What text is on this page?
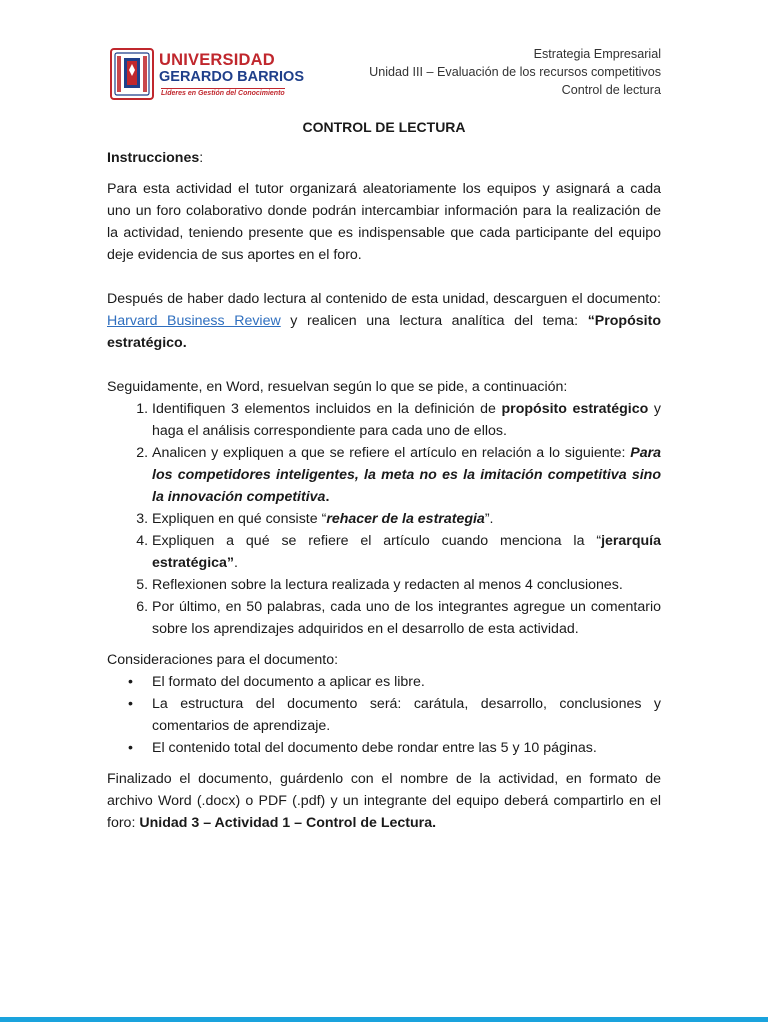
UNIVERSIDAD
GERARDO BARRIOS
Líderes en Gestión del Conocimiento
Estrategia Empresarial
Unidad III – Evaluación de los recursos competitivos
Control de lectura
CONTROL DE LECTURA
Instrucciones:

Para esta actividad el tutor organizará aleatoriamente los equipos y asignará a cada uno un foro colaborativo donde podrán intercambiar información para la realización de la actividad, teniendo presente que es indispensable que cada participante del equipo deje evidencia de sus aportes en el foro.

Después de haber dado lectura al contenido de esta unidad, descarguen el documento: Harvard Business Review y realicen una lectura analítica del tema: “Propósito estratégico.

Seguidamente, en Word, resuelvan según lo que se pide, a continuación:

1. Identifiquen 3 elementos incluidos en la definición de propósito estratégico y haga el análisis correspondiente para cada uno de ellos.
2. Analicen y expliquen a que se refiere el artículo en relación a lo siguiente: Para los competidores inteligentes, la meta no es la imitación competitiva sino la innovación competitiva.
3. Expliquen en qué consiste “rehacer de la estrategia”.
4. Expliquen a qué se refiere el artículo cuando menciona la “jerarquía estratégica”.
5. Reflexionen sobre la lectura realizada y redacten al menos 4 conclusiones.
6. Por último, en 50 palabras, cada uno de los integrantes agregue un comentario sobre los aprendizajes adquiridos en el desarrollo de esta actividad.

Consideraciones para el documento:

• El formato del documento a aplicar es libre.
• La estructura del documento será: carátula, desarrollo, conclusiones y comentarios de aprendizaje.
• El contenido total del documento debe rondar entre las 5 y 10 páginas.

Finalizado el documento, guárdenlo con el nombre de la actividad, en formato de archivo Word (.docx) o PDF (.pdf) y un integrante del equipo deberá compartirlo en el foro: Unidad 3 – Actividad 1 – Control de Lectura.
